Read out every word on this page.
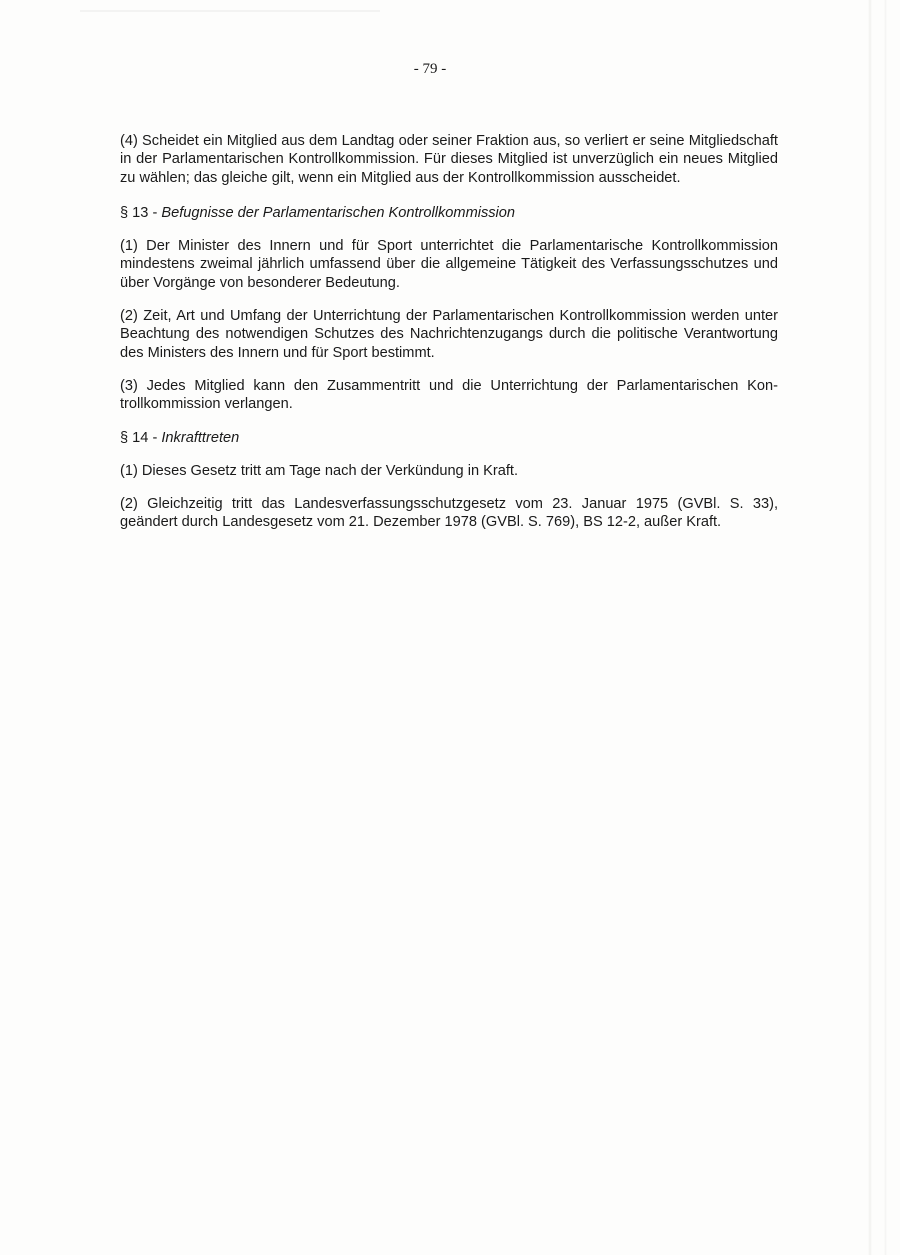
- 79 -

(4) Scheidet ein Mitglied aus dem Landtag oder seiner Fraktion aus, so verliert er seine Mitgliedschaft in der Parlamentarischen Kontrollkommission. Für dieses Mitglied ist unverzüglich ein neues Mitglied zu wählen; das gleiche gilt, wenn ein Mitglied aus der Kontrollkommission ausscheidet.

§ 13 - Befugnisse der Parlamentarischen Kontrollkommission

(1) Der Minister des Innern und für Sport unterrichtet die Parlamentarische Kontrollkommission mindestens zweimal jährlich umfassend über die allgemeine Tätigkeit des Verfassungsschutzes und über Vorgänge von besonderer Bedeutung.

(2) Zeit, Art und Umfang der Unterrichtung der Parlamentarischen Kontrollkommission werden unter Beachtung des notwendigen Schutzes des Nachrichtenzugangs durch die politische Verantwortung des Ministers des Innern und für Sport bestimmt.

(3) Jedes Mitglied kann den Zusammentritt und die Unterrichtung der Parlamentarischen Kontrollkommission verlangen.

§ 14 - Inkrafttreten

(1) Dieses Gesetz tritt am Tage nach der Verkündung in Kraft.

(2) Gleichzeitig tritt das Landesverfassungsschutzgesetz vom 23. Januar 1975 (GVBl. S. 33), geändert durch Landesgesetz vom 21. Dezember 1978 (GVBl. S. 769), BS 12-2, außer Kraft.
